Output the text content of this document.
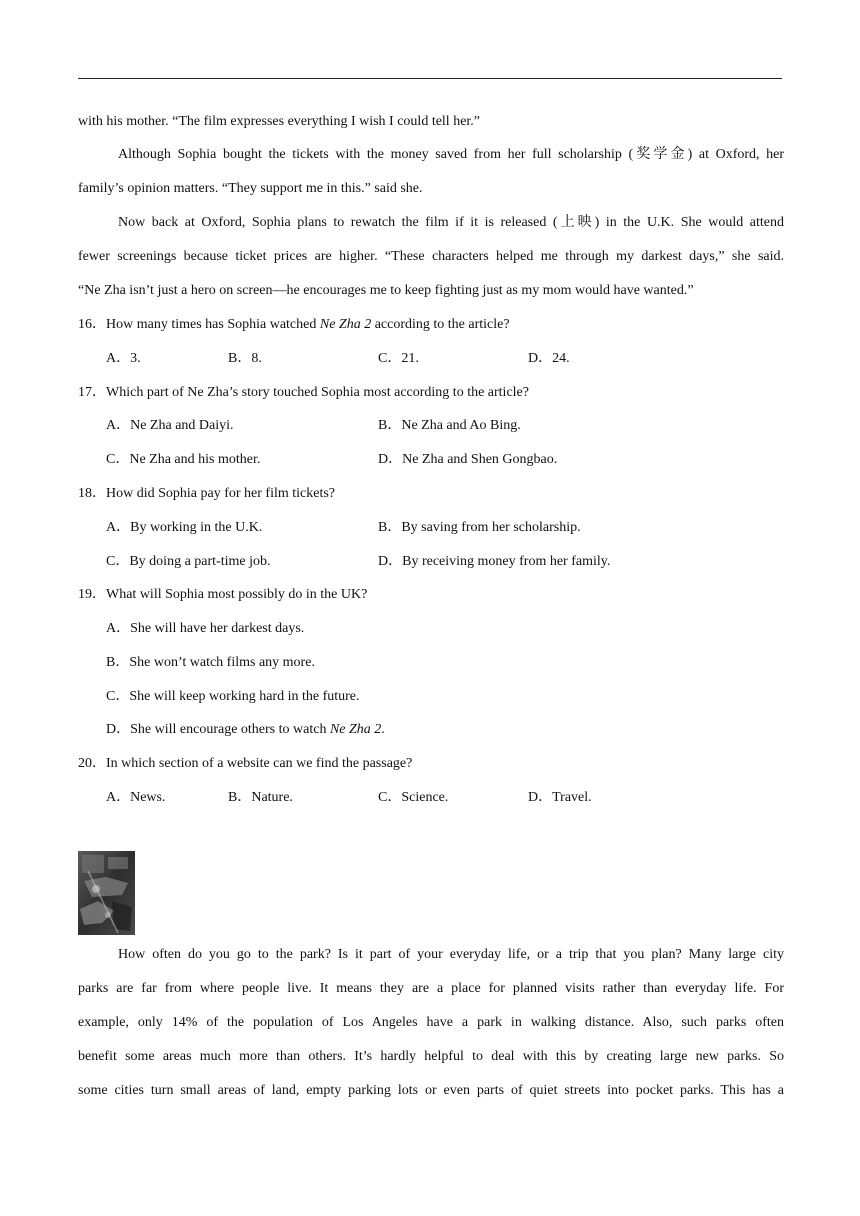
with his mother. “The film expresses everything I wish I could tell her.”
Although Sophia bought the tickets with the money saved from her full scholarship (奖学金) at Oxford, her
family’s opinion matters. “They support me in this.” said she.
Now back at Oxford, Sophia plans to rewatch the film if it is released (上映) in the U.K. She would attend
fewer screenings because ticket prices are higher. “These characters helped me through my darkest days,” she said.
“Ne Zha isn’t just a hero on screen—he encourages me to keep fighting just as my mom would have wanted.”
16．How many times has Sophia watched Ne Zha 2 according to the article?
A．3.	B．8.	C．21.	D．24.
17．Which part of Ne Zha’s story touched Sophia most according to the article?
A．Ne Zha and Daiyi.	B．Ne Zha and Ao Bing.
C．Ne Zha and his mother.	D．Ne Zha and Shen Gongbao.
18．How did Sophia pay for her film tickets?
A．By working in the U.K.	B．By saving from her scholarship.
C．By doing a part-time job.	D．By receiving money from her family.
19．What will Sophia most possibly do in the UK?
A．She will have her darkest days.
B．She won’t watch films any more.
C．She will keep working hard in the future.
D．She will encourage others to watch Ne Zha 2.
20．In which section of a website can we find the passage?
A．News.	B．Nature.	C．Science.	D．Travel.
How often do you go to the park? Is it part of your everyday life, or a trip that you plan? Many large city
parks are far from where people live. It means they are a place for planned visits rather than everyday life. For
example, only 14% of the population of Los Angeles have a park in walking distance. Also, such parks often
benefit some areas much more than others. It’s hardly helpful to deal with this by creating large new parks. So
some cities turn small areas of land, empty parking lots or even parts of quiet streets into pocket parks. This has a
